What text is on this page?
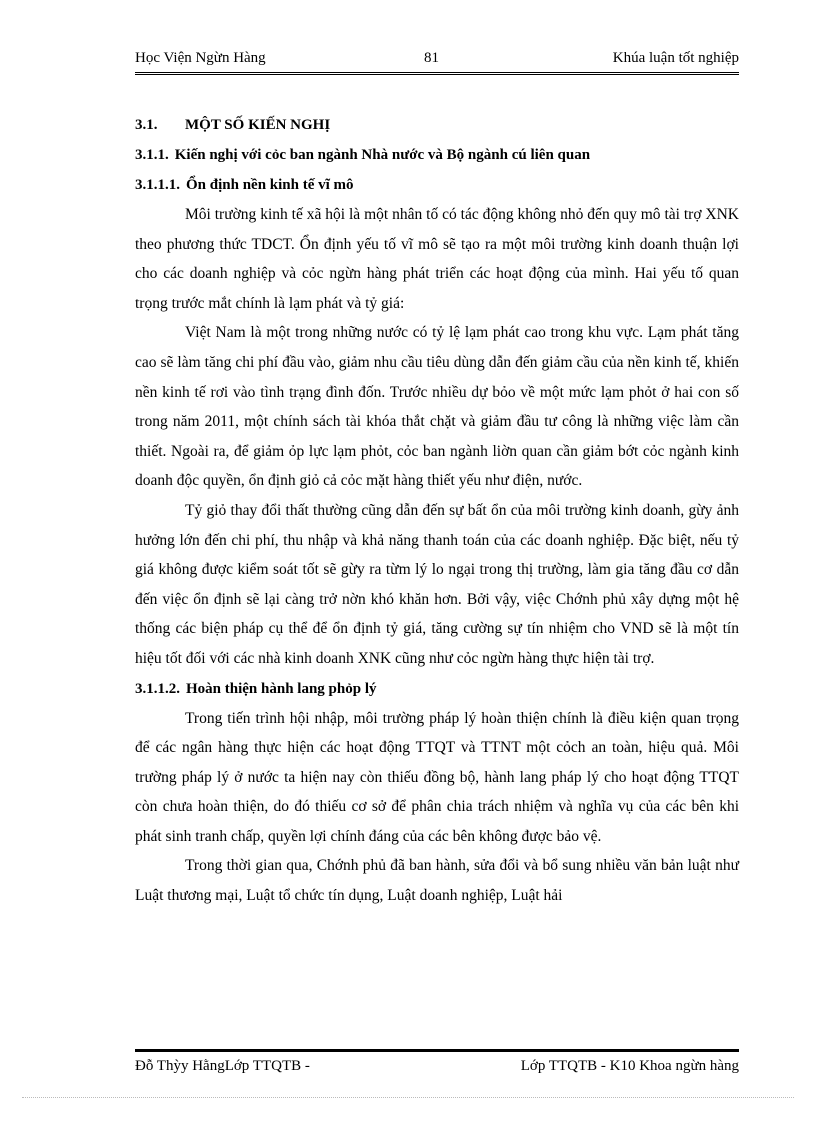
Học Viện Ngừn Hàng	81	Khúa luận tốt nghiệp
3.1. MỘT SỐ KIẾN NGHỊ
3.1.1. Kiến nghị với cỏc ban ngành Nhà nước và Bộ ngành cú liên quan
3.1.1.1. Ổn định nền kinh tế vĩ mô

Môi trường kinh tế xã hội là một nhân tố có tác động không nhỏ đến quy mô tài trợ XNK theo phương thức TDCT. Ổn định yếu tố vĩ mô sẽ tạo ra một môi trường kinh doanh thuận lợi cho các doanh nghiệp và cỏc ngừn hàng phát triển các hoạt động của mình. Hai yếu tố quan trọng trước mắt chính là lạm phát và tỷ giá:

Việt Nam là một trong những nước có tỷ lệ lạm phát cao trong khu vực. Lạm phát tăng cao sẽ làm tăng chi phí đầu vào, giảm nhu cầu tiêu dùng dẫn đến giảm cầu của nền kinh tế, khiến nền kinh tế rơi vào tình trạng đình đốn. Trước nhiều dự bỏo về một mức lạm phỏt ở hai con số trong năm 2011, một chính sách tài khóa thắt chặt và giảm đầu tư công là những việc làm cần thiết. Ngoài ra, để giảm ỏp lực lạm phỏt, cỏc ban ngành liờn quan cần giảm bớt cỏc ngành kinh doanh độc quyền, ổn định giỏ cả cỏc mặt hàng thiết yếu như điện, nước.

Tỷ giỏ thay đổi thất thường cũng dẫn đến sự bất ổn của môi trường kinh doanh, gừy ảnh hưởng lớn đến chi phí, thu nhập và khả năng thanh toán của các doanh nghiệp. Đặc biệt, nếu tỷ giá không được kiểm soát tốt sẽ gừy ra từm lý lo ngại trong thị trường, làm gia tăng đầu cơ dẫn đến việc ổn định sẽ lại càng trở nờn khó khăn hơn. Bởi vậy, việc Chớnh phủ xây dựng một hệ thống các biện pháp cụ thể để ổn định tỷ giá, tăng cường sự tín nhiệm cho VND sẽ là một tín hiệu tốt đối với các nhà kinh doanh XNK cũng như cỏc ngừn hàng thực hiện tài trợ.

3.1.1.2. Hoàn thiện hành lang phỏp lý

Trong tiến trình hội nhập, môi trường pháp lý hoàn thiện chính là điều kiện quan trọng để các ngân hàng thực hiện các hoạt động TTQT và TTNT một cỏch an toàn, hiệu quả. Môi trường pháp lý ở nước ta hiện nay còn thiếu đồng bộ, hành lang pháp lý cho hoạt động TTQT còn chưa hoàn thiện, do đó thiếu cơ sở để phân chia trách nhiệm và nghĩa vụ của các bên khi phát sinh tranh chấp, quyền lợi chính đáng của các bên không được bảo vệ.

Trong thời gian qua, Chớnh phủ đã ban hành, sửa đổi và bổ sung nhiều văn bản luật như Luật thương mại, Luật tổ chức tín dụng, Luật doanh nghiệp, Luật hải

Đỗ Thỳy HằngLớp TTQTB -	Lớp TTQTB - K10 Khoa ngừn hàng
